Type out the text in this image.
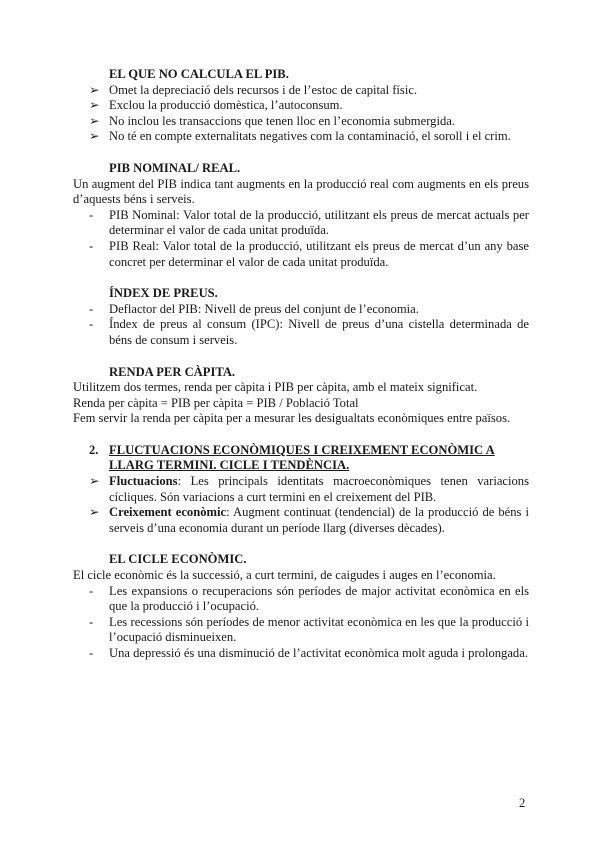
EL QUE NO CALCULA EL PIB.
➢ Omet la depreciació dels recursos i de l’estoc de capital físic.
➢ Exclou la producció domèstica, l’autoconsum.
➢ No inclou les transaccions que tenen lloc en l’economia submergida.
➢ No té en compte externalitats negatives com la contaminació, el soroll i el crim.
PIB NOMINAL/ REAL.
Un augment del PIB indica tant augments en la producció real com augments en els preus d’aquests béns i serveis.
- PIB Nominal: Valor total de la producció, utilitzant els preus de mercat actuals per determinar el valor de cada unitat produïda.
- PIB Real: Valor total de la producció, utilitzant els preus de mercat d’un any base concret per determinar el valor de cada unitat produïda.
ÍNDEX DE PREUS.
- Deflactor del PIB: Nivell de preus del conjunt de l’economia.
- Índex de preus al consum (IPC): Nivell de preus d’una cistella determinada de béns de consum i serveis.
RENDA PER CÀPITA.
Utilitzem dos termes, renda per càpita i PIB per càpita, amb el mateix significat.
Renda per càpita = PIB per càpita = PIB / Població Total
Fem servir la renda per càpita per a mesurar les desigualtats econòmiques entre països.
2. FLUCTUACIONS ECONÒMIQUES I CREIXEMENT ECONÒMIC A LLARG TERMINI. CICLE I TENDÈNCIA.
➢ Fluctuacions: Les principals identitats macroeconòmiques tenen variacions cícliques. Són variacions a curt termini en el creixement del PIB.
➢ Creixement econòmic: Augment continuat (tendencial) de la producció de béns i serveis d’una economia durant un període llarg (diverses dècades).
EL CICLE ECONÒMIC.
El cicle econòmic és la successió, a curt termini, de caigudes i auges en l’economia.
- Les expansions o recuperacions són períodes de major activitat econòmica en els que la producció i l’ocupació.
- Les recessions són períodes de menor activitat econòmica en les que la producció i l’ocupació disminueixen.
- Una depressió és una disminució de l’activitat econòmica molt aguda i prolongada.
2
